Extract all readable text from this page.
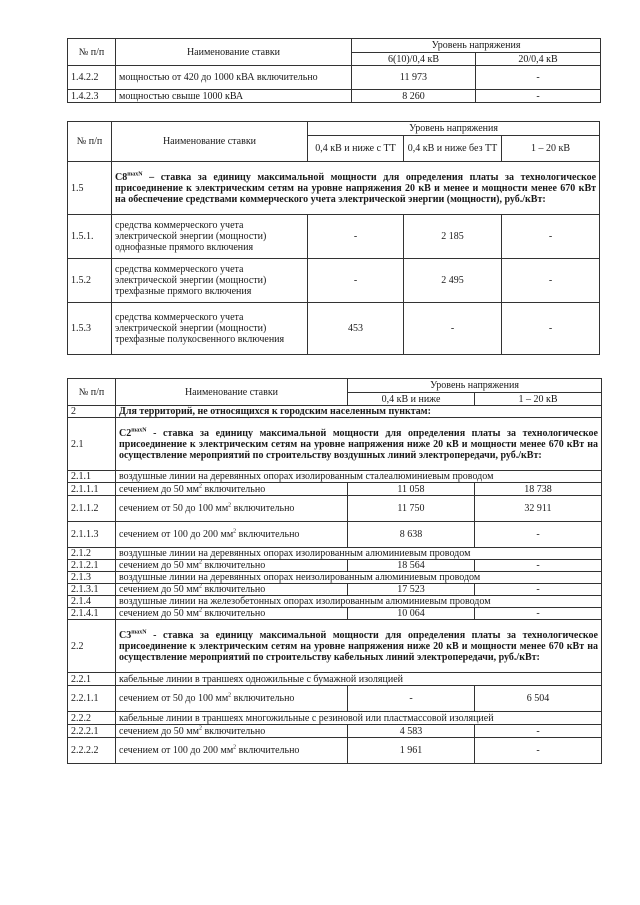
№ п/п	Наименование ставки	Уровень напряжения	
		6(10)/0,4 кВ	20/0,4 кВ
1.4.2.2	мощностью от 420 до 1000 кВА включительно	11 973	-
1.4.2.3	мощностью свыше 1000 кВА	8 260	-
№ п/п	Наименование ставки	Уровень напряжения		
		0,4 кВ и ниже с ТТ	0,4 кВ и ниже без ТТ	1 – 20 кВ
1.5	$C8^{maxN}$ – ставка за единицу максимальной мощности для определения платы за технологическое присоединение к электрическим сетям на уровне напряжения 20 кВ и менее и мощности менее 670 кВт на обеспечение средствами коммерческого учета электрической энергии (мощности), руб./кВт:			
1.5.1.	средства коммерческого учета электрической энергии (мощности) однофазные прямого включения	-	2 185	-
1.5.2	средства коммерческого учета электрической энергии (мощности) трехфазные прямого включения	-	2 495	-
1.5.3	средства коммерческого учета электрической энергии (мощности) трехфазные полукосвенного включения	453	-	-
№ п/п	Наименование ставки	Уровень напряжения	
		0,4 кВ и ниже	1 – 20 кВ
2	Для территорий, не относящихся к городским населенным пунктам:		
2.1	$C2^{maxN}$ - ставка за единицу максимальной мощности для определения платы за технологическое присоединение к электрическим сетям на уровне напряжения ниже 20 кВ и мощности менее 670 кВт на осуществление мероприятий по строительству воздушных линий электропередачи, руб./кВт:		
2.1.1	воздушные линии на деревянных опорах изолированным сталеалюминиевым проводом		
2.1.1.1	сечением до 50 $мм^2$ включительно	11 058	18 738
2.1.1.2	сечением от 50 до 100 $мм^2$ включительно	11 750	32 911
2.1.1.3	сечением от 100 до 200 $мм^2$ включительно	8 638	-
2.1.2	воздушные линии на деревянных опорах изолированным алюминиевым проводом		
2.1.2.1	сечением до 50 $мм^2$ включительно	18 564	-
2.1.3	воздушные линии на деревянных опорах неизолированным алюминиевым проводом		
2.1.3.1	сечением до 50 $мм^2$ включительно	17 523	-
2.1.4	воздушные линии на железобетонных опорах изолированным алюминиевым проводом		
2.1.4.1	сечением до 50 $мм^2$ включительно	10 064	-
2.2	$C3^{maxN}$ - ставка за единицу максимальной мощности для определения платы за технологическое присоединение к электрическим сетям на уровне напряжения ниже 20 кВ и мощности менее 670 кВт на осуществление мероприятий по строительству кабельных линий электропередачи, руб./кВт:		
2.2.1	кабельные линии в траншеях одножильные с бумажной изоляцией		
2.2.1.1	сечением от 50 до 100 $мм^2$ включительно	-	6 504
2.2.2	кабельные линии в траншеях многожильные с резиновой или пластмассовой изоляцией		
2.2.2.1	сечением до 50 $мм^2$ включительно	4 583	-
2.2.2.2	сечением от 100 до 200 $мм^2$ включительно	1 961	-
